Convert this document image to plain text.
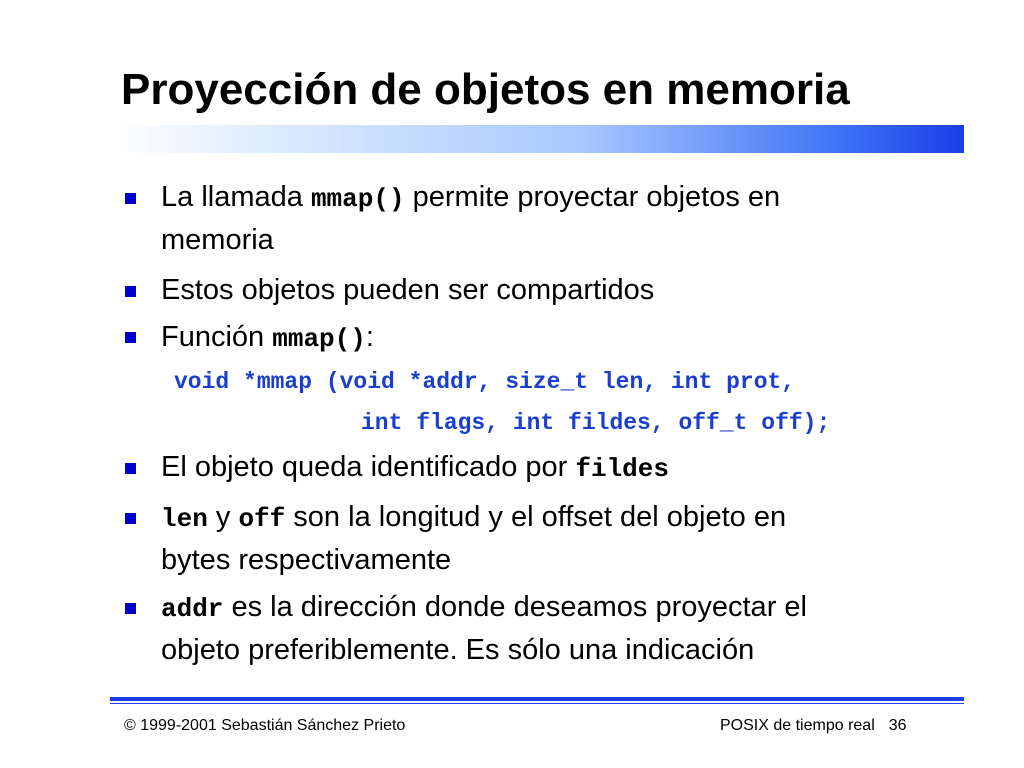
Proyección de objetos en memoria
La llamada mmap() permite proyectar objetos en
memoria
Estos objetos pueden ser compartidos
Función mmap():
void *mmap (void *addr, size_t len, int prot,
int flags, int fildes, off_t off);
El objeto queda identificado por fildes
len y off son la longitud y el offset del objeto en
bytes respectivamente
addr es la dirección donde deseamos proyectar el
objeto preferiblemente. Es sólo una indicación
© 1999-2001 Sebastián Sánchez Prieto	POSIX de tiempo real 36
